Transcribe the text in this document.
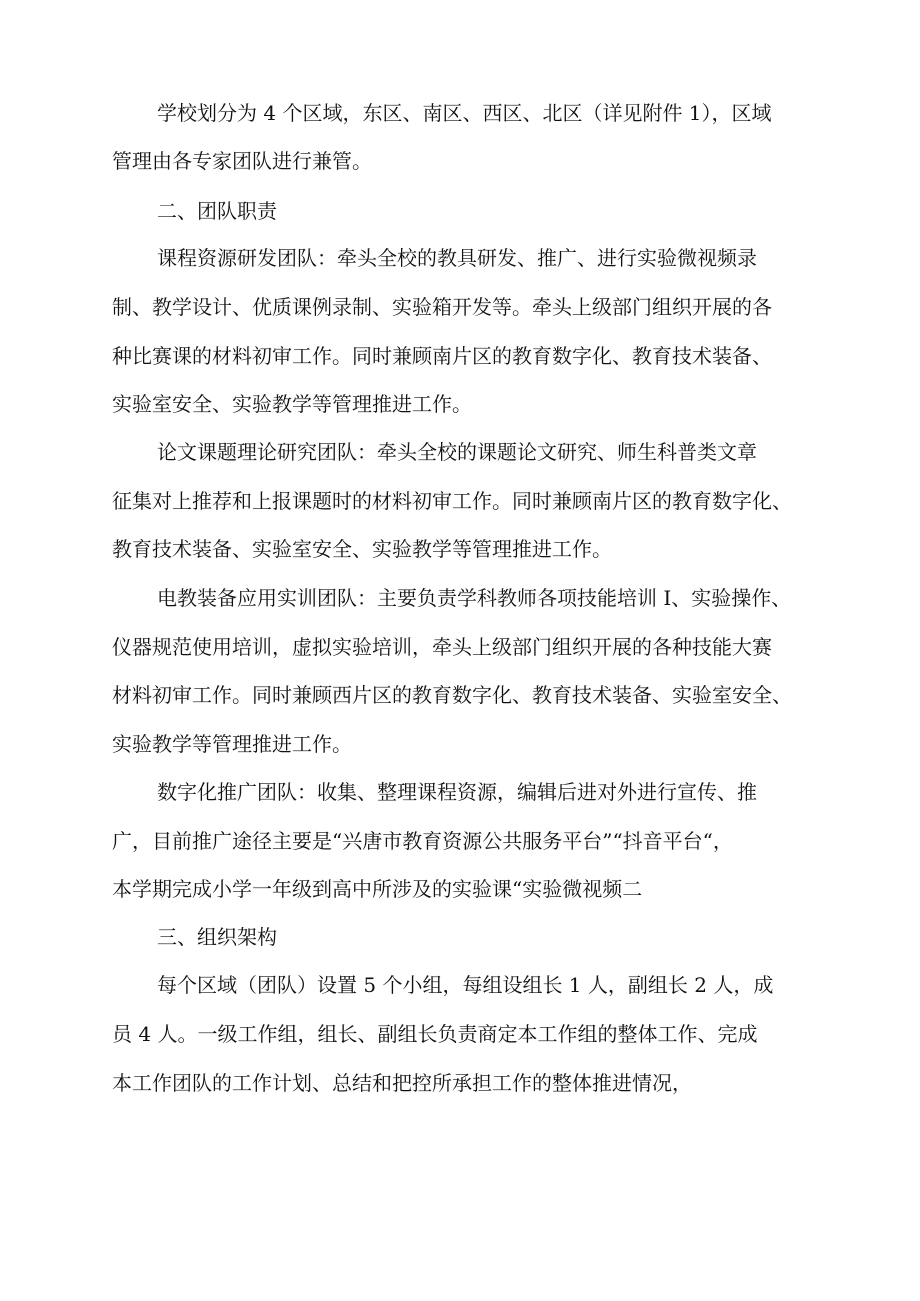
学校划分为 4 个区域，东区、南区、西区、北区（详见附件 1），区域
管理由各专家团队进行兼管。
二、团队职责
课程资源研发团队：牵头全校的教具研发、推广、进行实验微视频录
制、教学设计、优质课例录制、实验箱开发等。牵头上级部门组织开展的各
种比赛课的材料初审工作。同时兼顾南片区的教育数字化、教育技术装备、
实验室安全、实验教学等管理推进工作。
论文课题理论研究团队：牵头全校的课题论文研究、师生科普类文章
征集对上推荐和上报课题时的材料初审工作。同时兼顾南片区的教育数字化、
教育技术装备、实验室安全、实验教学等管理推进工作。
电教装备应用实训团队：主要负责学科教师各项技能培训 I、实验操作、
仪器规范使用培训，虚拟实验培训，牵头上级部门组织开展的各种技能大赛
材料初审工作。同时兼顾西片区的教育数字化、教育技术装备、实验室安全、
实验教学等管理推进工作。
数字化推广团队：收集、整理课程资源，编辑后进对外进行宣传、推
广，目前推广途径主要是“兴唐市教育资源公共服务平台”“抖音平台“，
本学期完成小学一年级到高中所涉及的实验课“实验微视频二
三、组织架构
每个区域（团队）设置 5 个小组，每组设组长 1 人，副组长 2 人，成
员 4 人。一级工作组，组长、副组长负责商定本工作组的整体工作、完成
本工作团队的工作计划、总结和把控所承担工作的整体推进情况，
